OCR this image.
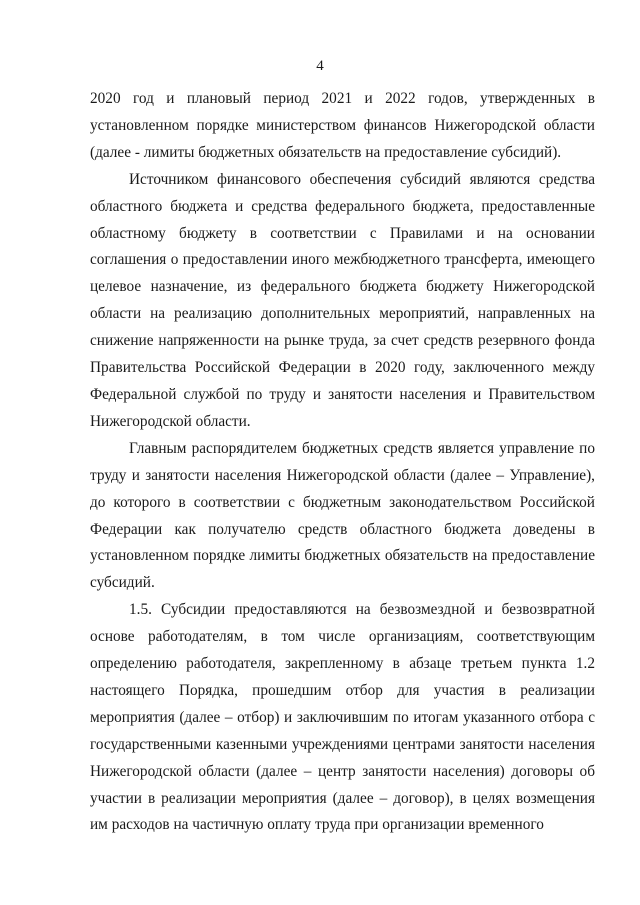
4

2020 год и плановый период 2021 и 2022 годов, утвержденных в установленном порядке министерством финансов Нижегородской области (далее - лимиты бюджетных обязательств на предоставление субсидий).

Источником финансового обеспечения субсидий являются средства областного бюджета и средства федерального бюджета, предоставленные областному бюджету в соответствии с Правилами и на основании соглашения о предоставлении иного межбюджетного трансферта, имеющего целевое назначение, из федерального бюджета бюджету Нижегородской области на реализацию дополнительных мероприятий, направленных на снижение напряженности на рынке труда, за счет средств резервного фонда Правительства Российской Федерации в 2020 году, заключенного между Федеральной службой по труду и занятости населения и Правительством Нижегородской области.

Главным распорядителем бюджетных средств является управление по труду и занятости населения Нижегородской области (далее – Управление), до которого в соответствии с бюджетным законодательством Российской Федерации как получателю средств областного бюджета доведены в установленном порядке лимиты бюджетных обязательств на предоставление субсидий.

1.5. Субсидии предоставляются на безвозмездной и безвозвратной основе работодателям, в том числе организациям, соответствующим определению работодателя, закрепленному в абзаце третьем пункта 1.2 настоящего Порядка, прошедшим отбор для участия в реализации мероприятия (далее – отбор) и заключившим по итогам указанного отбора с государственными казенными учреждениями центрами занятости населения Нижегородской области (далее – центр занятости населения) договоры об участии в реализации мероприятия (далее – договор), в целях возмещения им расходов на частичную оплату труда при организации временного
